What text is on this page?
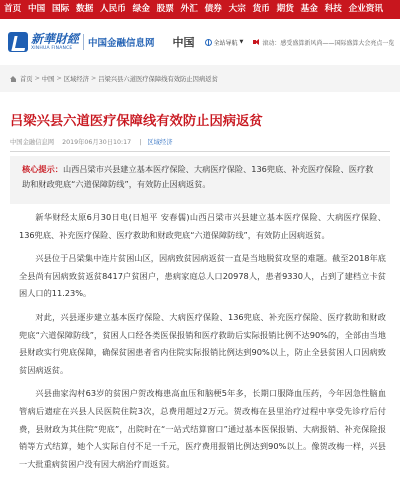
首页 中国 国际 数据 人民币 绿金 股票 外汇 债券 大宗 货币 期货 基金 科技 企业资讯
新華財經
XINHUA FINANCE	中国金融信息网 中国	全站导航 ▼	滚动：感受盛算新风尚——国际盛算大会亮点一览
首页 > 中国 > 区域经济 > 吕梁兴县六道医疗保障线有效防止因病返贫
吕梁兴县六道医疗保障线有效防止因病返贫
中国金融信息网 2019年06月30日10:17 | 区域经济
核心提示：山西吕梁市兴县建立基本医疗保险、大病医疗保险、136兜底、补充医疗保险、医疗救助和财政兜底“六道保障防线”，有效防止因病返贫。

新华财经太原6月30日电(日旭平 安春儒)山西吕梁市兴县建立基本医疗保险、大病医疗保险、136兜底、补充医疗保险、医疗救助和财政兜底“六道保障防线”，有效防止因病返贫。

兴县位于吕梁集中连片贫困山区，因病致贫因病返贫一直是当地脱贫攻坚的难题。截至2018年底全县尚有因病致贫返贫8417户贫困户，患病家庭总人口20978人，患者9330人，占到了建档立卡贫困人口的11.23%。

对此，兴县逐步建立基本医疗保险、大病医疗保险、136兜底、补充医疗保险、医疗救助和财政兜底“六道保障防线”，贫困人口经各类医保报销和医疗救助后实际报销比例不达90%的，全部由当地县财政实行兜底保障，确保贫困患者省内住院实际报销比例达到90%以上，防止全县贫困人口因病致贫因病返贫。

兴县曲家沟村63岁的贫困户贺改梅患高血压和脑梗5年多，长期口服降血压药，今年因急性脑血管病后遗症在兴县人民医院住院3次，总费用超过2万元。贺改梅在县里治疗过程中享受先诊疗后付费，县财政为其住院“兜底”，出院时在“一站式结算窗口”通过基本医保报销、大病报销、补充保险报销等方式结算，她个人实际自付不足一千元，医疗费用报销比例达到90%以上。像贺改梅一样，兴县一大批重病贫困户没有因大病治疗而返贫。
